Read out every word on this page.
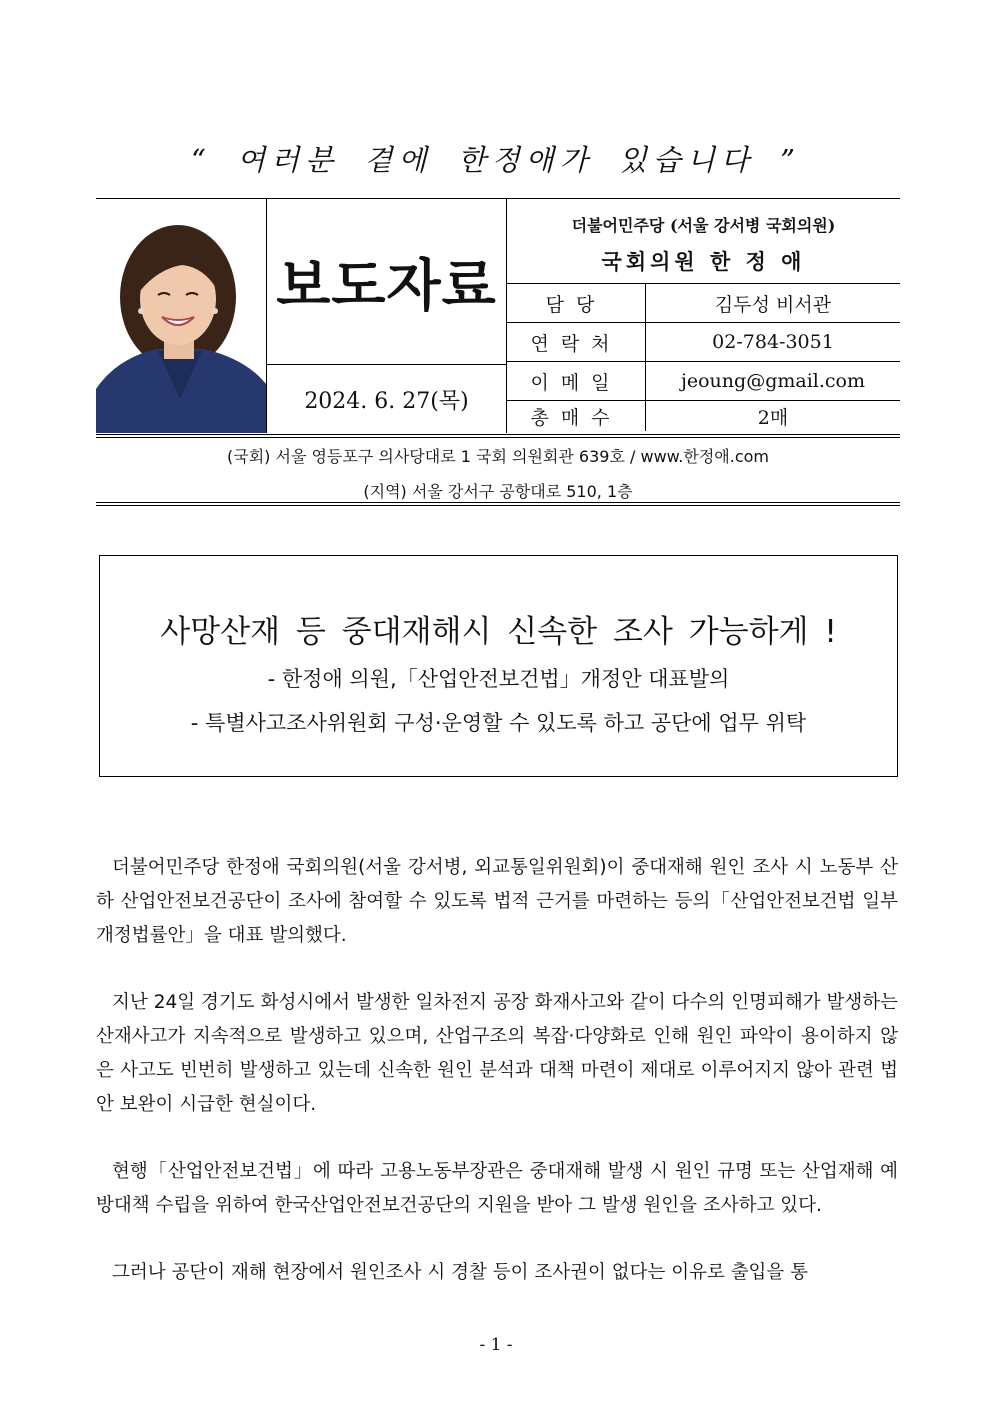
“ 여러분 곁에 한정애가 있습니다 ”
보도자료
2024. 6. 27(목)
더불어민주당 (서울 강서병 국회의원)
국회의원 한 정 애
담당	김두성 비서관
연락처	02-784-3051
이메일	jeoung@gmail.com
총매수	2매
(국회) 서울 영등포구 의사당대로 1 국회 의원회관 639호 / www.한정애.com
(지역) 서울 강서구 공항대로 510, 1층
사망산재 등 중대재해시 신속한 조사 가능하게 !
- 한정애 의원,「산업안전보건법」개정안 대표발의
- 특별사고조사위원회 구성·운영할 수 있도록 하고 공단에 업무 위탁

더불어민주당 한정애 국회의원(서울 강서병, 외교통일위원회)이 중대재해 원인 조사 시 노동부 산하 산업안전보건공단이 조사에 참여할 수 있도록 법적 근거를 마련하는 등의「산업안전보건법 일부개정법률안」을 대표 발의했다.

지난 24일 경기도 화성시에서 발생한 일차전지 공장 화재사고와 같이 다수의 인명피해가 발생하는 산재사고가 지속적으로 발생하고 있으며, 산업구조의 복잡·다양화로 인해 원인 파악이 용이하지 않은 사고도 빈번히 발생하고 있는데 신속한 원인 분석과 대책 마련이 제대로 이루어지지 않아 관련 법안 보완이 시급한 현실이다.

현행「산업안전보건법」에 따라 고용노동부장관은 중대재해 발생 시 원인 규명 또는 산업재해 예방대책 수립을 위하여 한국산업안전보건공단의 지원을 받아 그 발생 원인을 조사하고 있다.

그러나 공단이 재해 현장에서 원인조사 시 경찰 등이 조사권이 없다는 이유로 출입을 통

- 1 -
